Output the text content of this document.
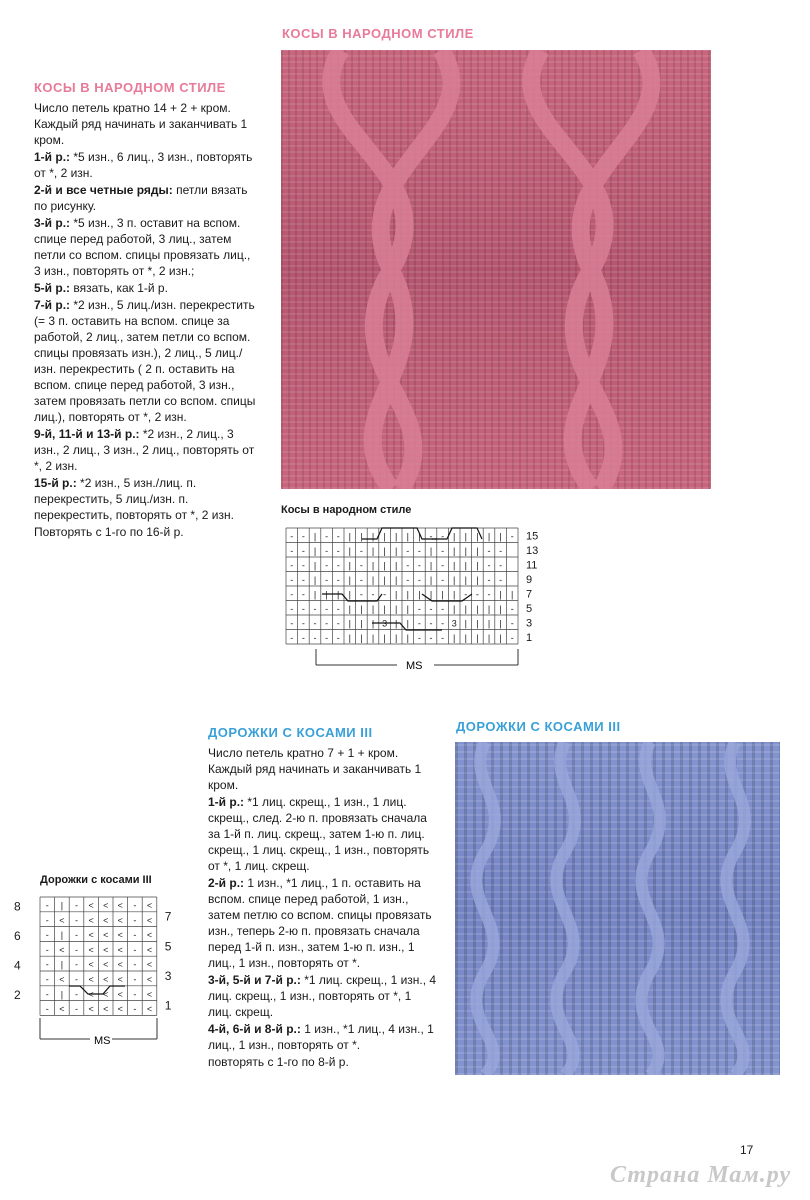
КОСЫ В НАРОДНОМ СТИЛЕ
КОСЫ В НАРОДНОМ СТИЛЕ

Число петель кратно 14 + 2 + кром. Каждый ряд начинать и заканчивать 1 кром.

1-й р.: *5 изн., 6 лиц., 3 изн., повторять от *, 2 изн.

2-й и все четные ряды: петли вязать по рисунку.

3-й р.: *5 изн., 3 п. оставит на вспом. спице перед работой, 3 лиц., затем петли со вспом. спицы провязать лиц., 3 изн., повторять от *, 2 изн.;

5-й р.: вязать, как 1-й р.

7-й р.: *2 изн., 5 лиц./изн. перекрестить (= 3 п. оставить на вспом. спице за работой, 2 лиц., затем петли со вспом. спицы провязать изн.), 2 лиц., 5 лиц./изн. перекрестить ( 2 п. оставить на вспом. спице перед работой, 3 изн., затем провязать петли со вспом. спицы лиц.), повторять от *, 2 изн.

9-й, 11-й и 13-й р.: *2 изн., 2 лиц., 3 изн., 2 лиц., 3 изн., 2 лиц., повторять от *, 2 изн.

15-й р.: *2 изн., 5 изн./лиц. п. перекрестить, 5 лиц./изн. п. перекрестить, повторять от *, 2 изн.

Повторять с 1-го по 16-й р.

Косы в народном стиле
- - | - - | | | | | | | - - | | | | | -
- - | - - | - | | | - - | - | | | - -
- - | - - | - | | | - - | - | | | - -
- - | - - | - | | | - - | - | | | - -
- - | | | | - - - | | | | | | - - - | |
- - - - - | | | | | | - - - | | | | | -
- - - - - | | | 3 | | - - - 3 | | | | -
- - - - - | | | | | | - - - | | | | | -
15
13
11
9
7
5
3
1
MS
ДОРОЖКИ С КОСАМИ III	ДОРОЖКИ С КОСАМИ III

Число петель кратно 7 + 1 + кром. Каждый ряд начинать и заканчивать 1 кром.

1-й р.: *1 лиц. скрещ., 1 изн., 1 лиц. скрещ., след. 2-ю п. провязать сначала за 1-й п. лиц. скрещ., затем 1-ю п. лиц. скрещ., 1 лиц. скрещ., 1 изн., повторять от *, 1 лиц. скрещ.

2-й р.: 1 изн., *1 лиц., 1 п. оставить на вспом. спице перед работой, 1 изн., затем петлю со вспом. спицы провязать изн., теперь 2-ю п. провязать сначала перед 1-й п. изн., затем 1-ю п. изн., 1 лиц., 1 изн., повторять от *.

3-й, 5-й и 7-й р.: *1 лиц. скрещ., 1 изн., 4 лиц. скрещ., 1 изн., повторять от *, 1 лиц. скрещ.

4-й, 6-й и 8-й р.: 1 изн., *1 лиц., 4 изн., 1 лиц., 1 изн., повторять от *.

повторять с 1-го по 8-й р.

Дорожки с косами III
- | - < < < - <
- < - < < < - <
- | - < < < - <
- < - < < < - <
- | - < < < - <
- < - < < < - <
- | - < < < - <
- < - < < < - <
7
5
3
1
8
6
4
2
MS
17
Страна Мам.ру
